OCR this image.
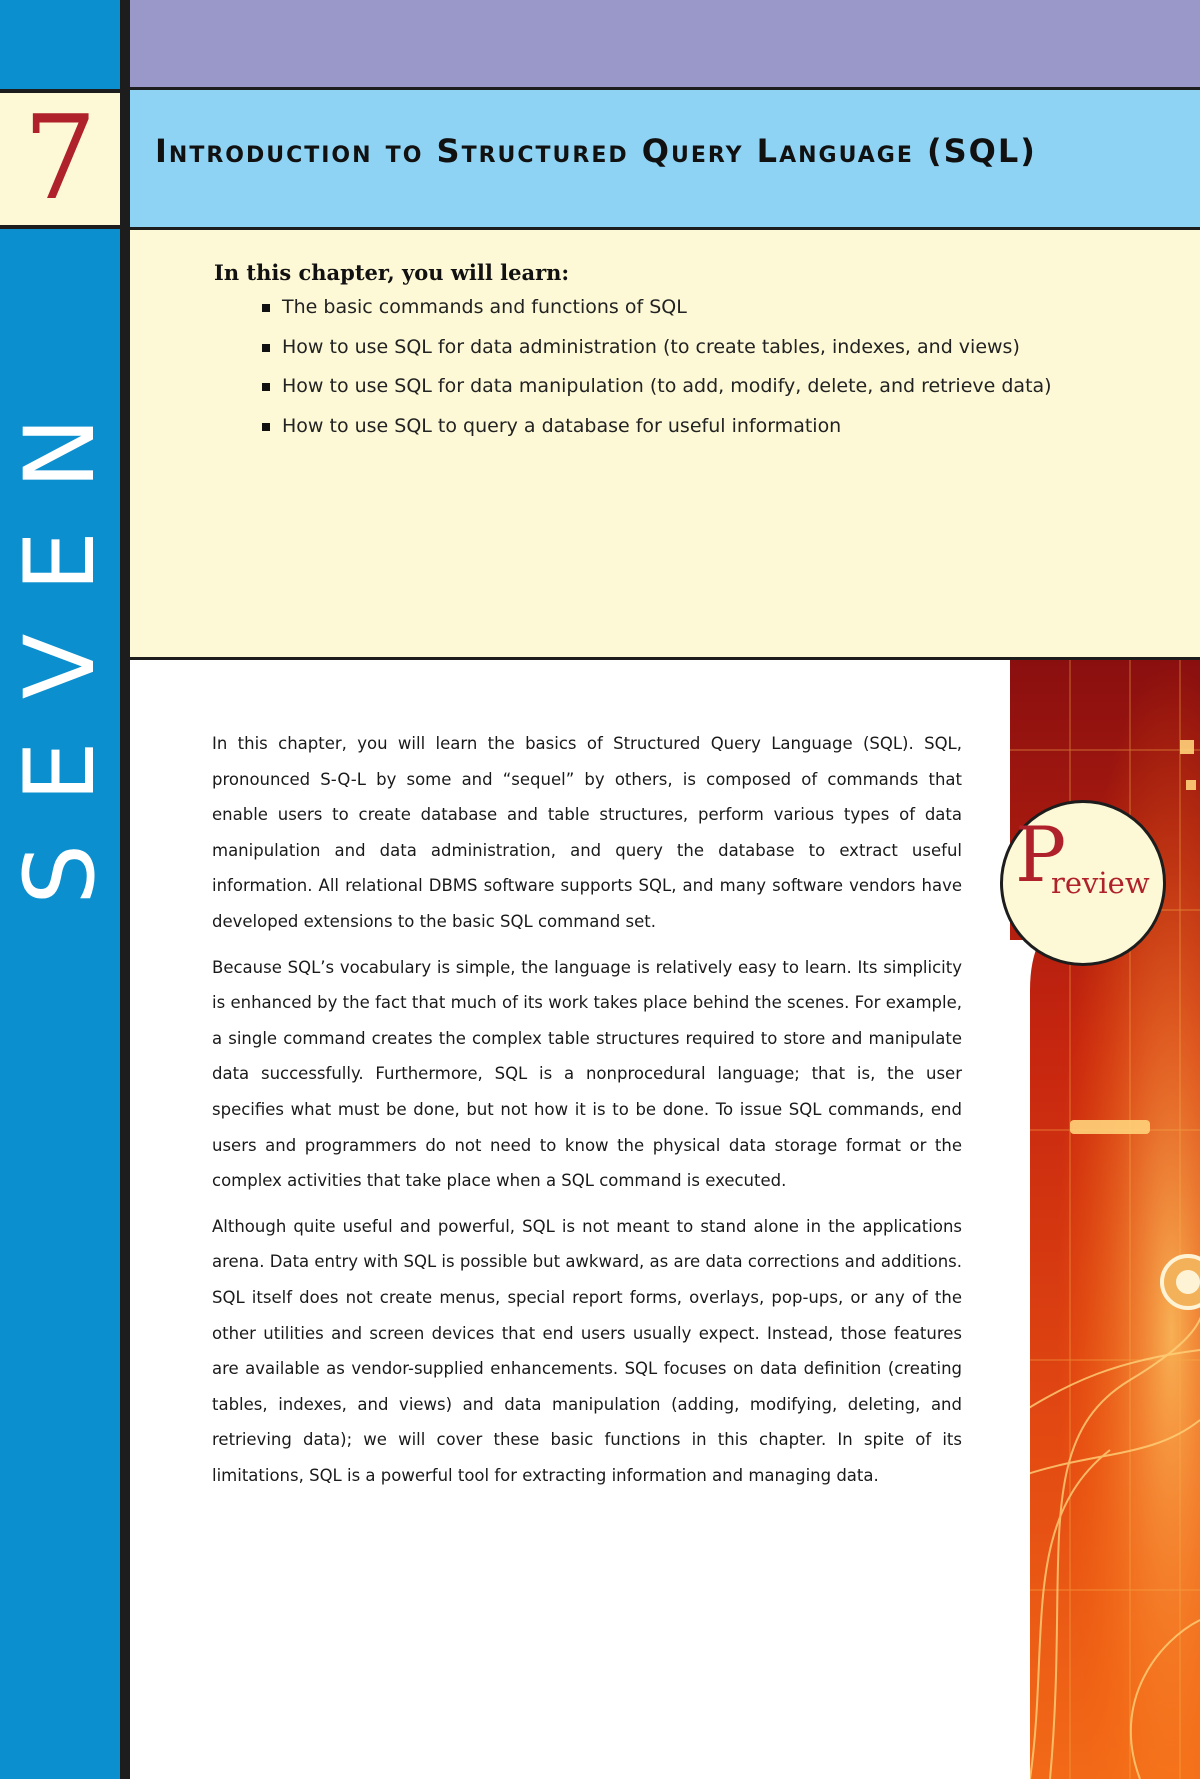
SEVEN
7	Introduction to Structured Query Language (SQL)
In this chapter, you will learn:
The basic commands and functions of SQL
How to use SQL for data administration (to create tables, indexes, and views)
How to use SQL for data manipulation (to add, modify, delete, and retrieve data)
How to use SQL to query a database for useful information

In this chapter, you will learn the basics of Structured Query Language (SQL). SQL, pronounced S-Q-L by some and “sequel” by others, is composed of commands that enable users to create database and table structures, perform various types of data manipulation and data administration, and query the database to extract useful information. All relational DBMS software supports SQL, and many software vendors have developed extensions to the basic SQL command set.

Because SQL’s vocabulary is simple, the language is relatively easy to learn. Its simplicity is enhanced by the fact that much of its work takes place behind the scenes. For example, a single command creates the complex table structures required to store and manipulate data successfully. Furthermore, SQL is a nonprocedural language; that is, the user specifies what must be done, but not how it is to be done. To issue SQL commands, end users and programmers do not need to know the physical data storage format or the complex activities that take place when a SQL command is executed.

Although quite useful and powerful, SQL is not meant to stand alone in the applications arena. Data entry with SQL is possible but awkward, as are data corrections and additions. SQL itself does not create menus, special report forms, overlays, pop-ups, or any of the other utilities and screen devices that end users usually expect. Instead, those features are available as vendor-supplied enhancements. SQL focuses on data definition (creating tables, indexes, and views) and data manipulation (adding, modifying, deleting, and retrieving data); we will cover these basic functions in this chapter. In spite of its limitations, SQL is a powerful tool for extracting information and managing data.

P
review
